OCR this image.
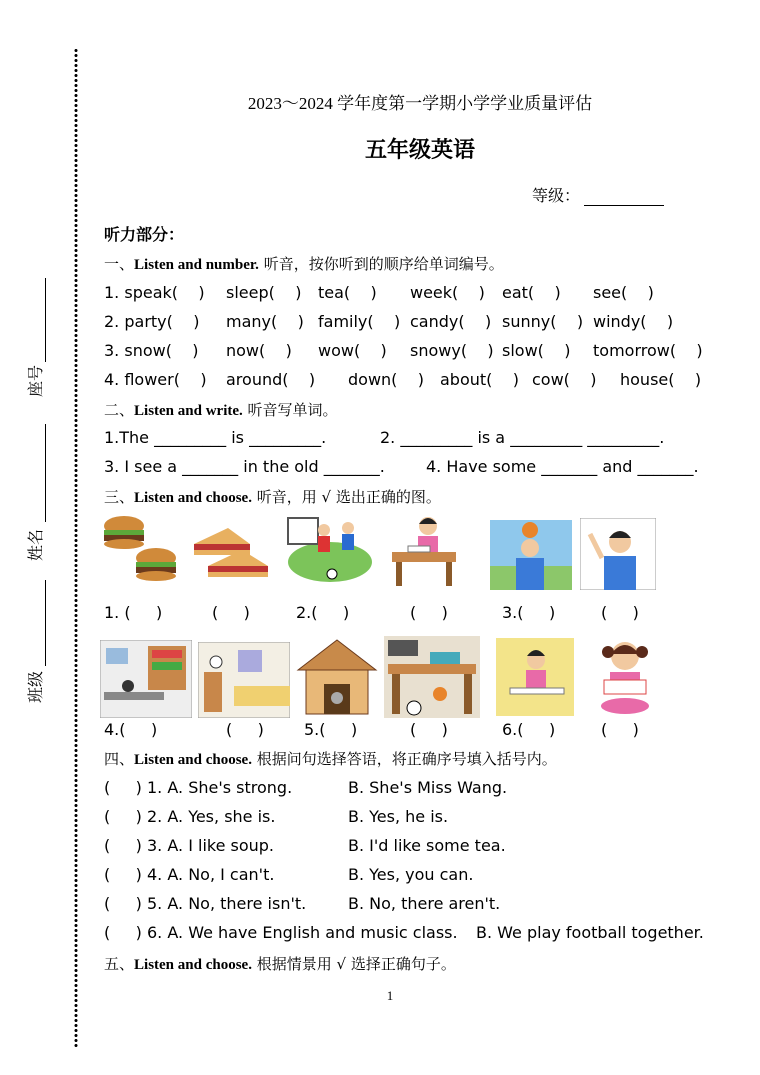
座号
姓名
班级
2023～2024 学年度第一学期小学学业质量评估
五年级英语
等级：
听力部分：
一、Listen and number. 听音，按你听到的顺序给单词编号。
1. speak(    ) sleep(    ) tea(    ) week(    ) eat(    ) see(    )
2. party(    ) many(    ) family(    ) candy(    ) sunny(    ) windy(    )
3. snow(    ) now(    ) wow(    ) snowy(    ) slow(    ) tomorrow(    )
4. flower(    ) around(    ) down(    ) about(    ) cow(    ) house(    )
二、Listen and write. 听音写单词。
1.The _________ is _________.	2. _________ is a _________ _________.
3. I see a _______ in the old _______.	4. Have some _______ and _______.
三、Listen and choose. 听音，用 √ 选出正确的图。
1. (     )	(     )	2.(     )	(     )	3.(     )	(     )
4.(     )	(     )	5.(     )	(     )	6.(     )	(     )
四、Listen and choose. 根据问句选择答语，将正确序号填入括号内。
(     ) 1. A. She's strong.	B. She's Miss Wang.
(     ) 2. A. Yes, she is.	B. Yes, he is.
(     ) 3. A. I like soup.	B. I'd like some tea.
(     ) 4. A. No, I can't.	B. Yes, you can.
(     ) 5. A. No, there isn't.	B. No, there aren't.
(     ) 6. A. We have English and music class. B. We play football together.
五、Listen and choose. 根据情景用 √ 选择正确句子。
1
